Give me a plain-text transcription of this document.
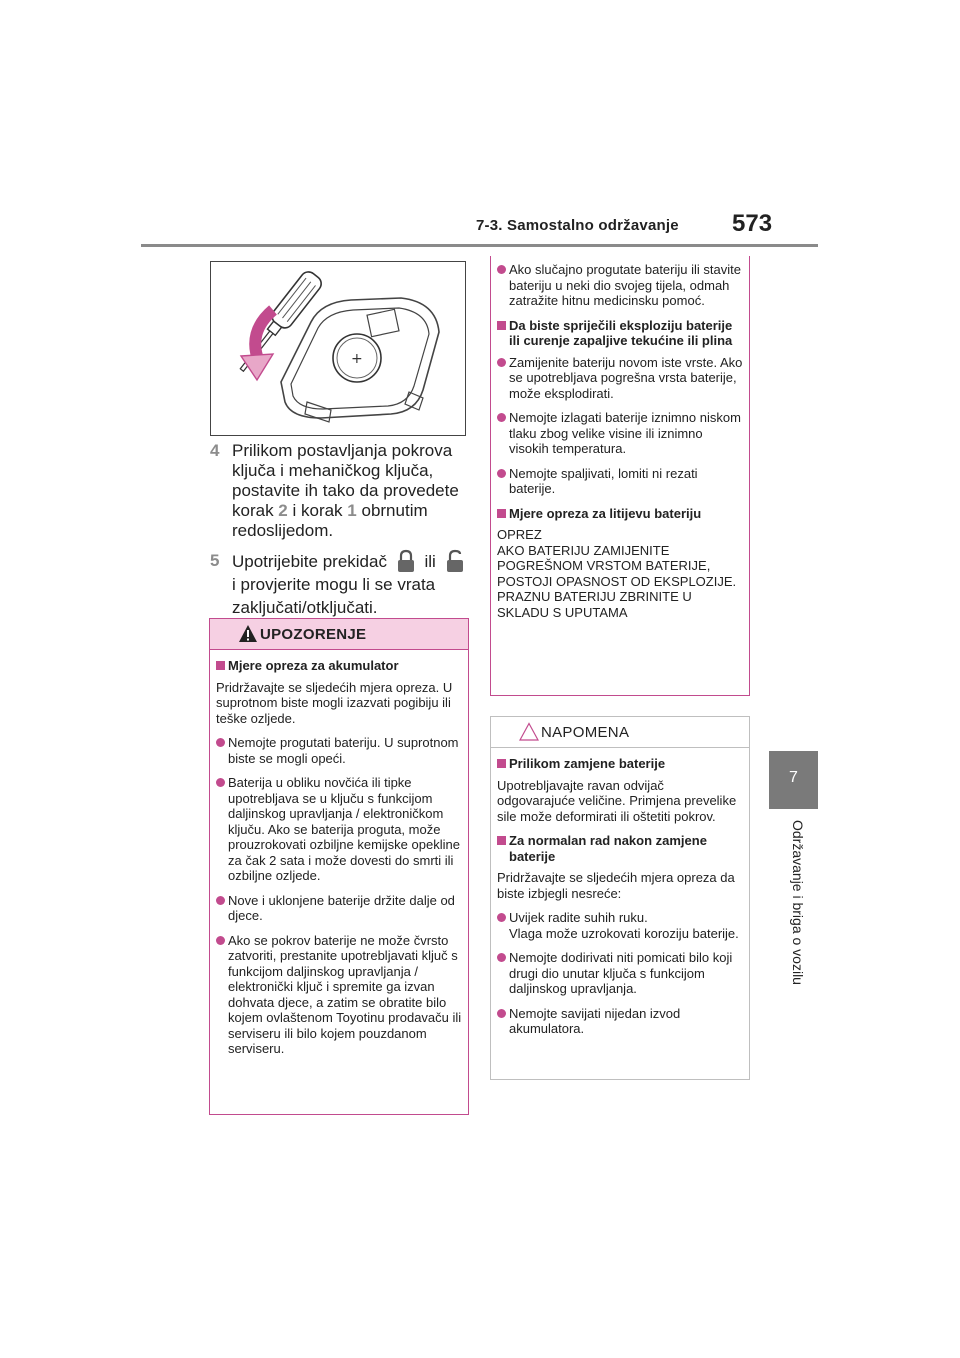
7-3. Samostalno održavanje 573
7
Održavanje i briga o vozilu
+
4 Prilikom postavljanja pokrova ključa i mehaničkog ključa, postavite ih tako da provedete korak 2 i korak 1 obrnutim redoslijedom.
5 Upotrijebite prekidač ili  i provjerite mogu li se vrata zaključati/otključati.
UPOZORENJE
Mjere opreza za akumulator
Pridržavajte se sljedećih mjera opreza. U suprotnom biste mogli izazvati pogibiju ili teške ozljede.
Nemojte progutati bateriju. U suprotnom biste se mogli opeći.
Baterija u obliku novčića ili tipke upotrebljava se u ključu s funkcijom daljinskog upravljanja / elektroničkom ključu. Ako se baterija proguta, može prouzrokovati ozbiljne kemijske opekline za čak 2 sata i može dovesti do smrti ili ozbiljne ozljede.
Nove i uklonjene baterije držite dalje od djece.
Ako se pokrov baterije ne može čvrsto zatvoriti, prestanite upotrebljavati ključ s funkcijom daljinskog upravljanja / elektronički ključ i spremite ga izvan dohvata djece, a zatim se obratite bilo kojem ovlaštenom Toyotinu prodavaču ili serviseru ili bilo kojem pouzdanom serviseru.
Ako slučajno progutate bateriju ili stavite bateriju u neki dio svojeg tijela, odmah zatražite hitnu medicinsku pomoć.
Da biste spriječili eksploziju baterije ili curenje zapaljive tekućine ili plina
Zamijenite bateriju novom iste vrste. Ako se upotrebljava pogrešna vrsta baterije, može eksplodirati.
Nemojte izlagati baterije iznimno niskom tlaku zbog velike visine ili iznimno visokih temperatura.
Nemojte spaljivati, lomiti ni rezati baterije.
Mjere opreza za litijevu bateriju
OPREZ
AKO BATERIJU ZAMIJENITE POGREŠNOM VRSTOM BATERIJE, POSTOJI OPASNOST OD EKSPLOZIJE.
PRAZNU BATERIJU ZBRINITE U SKLADU S UPUTAMA
NAPOMENA
Prilikom zamjene baterije
Upotrebljavajte ravan odvijač odgovarajuće veličine. Primjena prevelike sile može deformirati ili oštetiti pokrov.
Za normalan rad nakon zamjene baterije
Pridržavajte se sljedećih mjera opreza da biste izbjegli nesreće:
Uvijek radite suhih ruku.
Vlaga može uzrokovati koroziju baterije.
Nemojte dodirivati niti pomicati bilo koji drugi dio unutar ključa s funkcijom daljinskog upravljanja.
Nemojte savijati nijedan izvod akumulatora.
